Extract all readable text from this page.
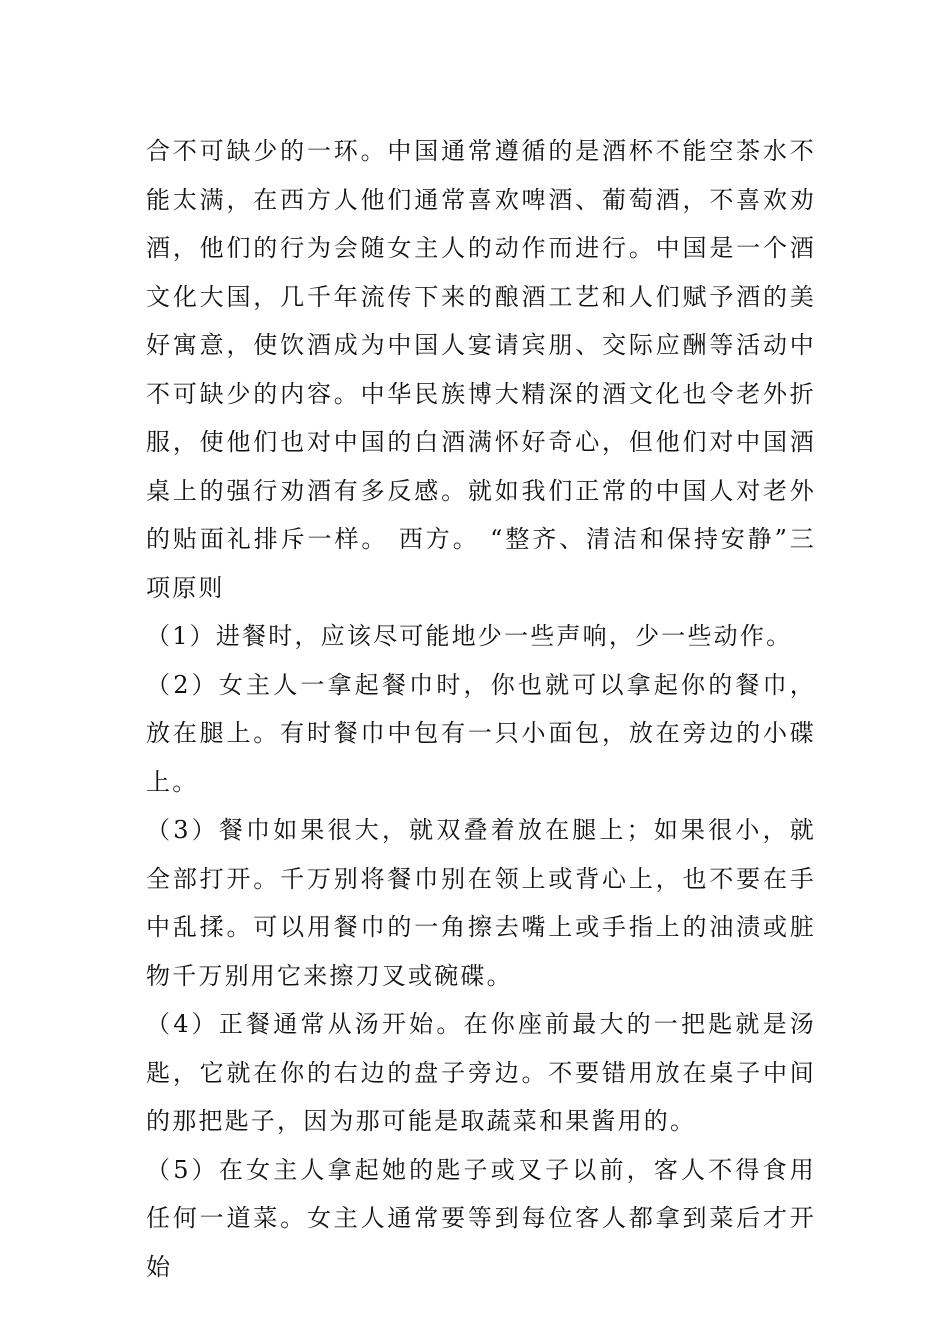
合不可缺少的一环。中国通常遵循的是酒杯不能空茶水不能太满，在西方人他们通常喜欢啤酒、葡萄酒，不喜欢劝酒，他们的行为会随女主人的动作而进行。中国是一个酒文化大国，几千年流传下来的酿酒工艺和人们赋予酒的美好寓意，使饮酒成为中国人宴请宾朋、交际应酬等活动中不可缺少的内容。中华民族博大精深的酒文化也令老外折服，使他们也对中国的白酒满怀好奇心，但他们对中国酒桌上的强行劝酒有多反感。就如我们正常的中国人对老外的贴面礼排斥一样。 西方。 “整齐、清洁和保持安静”三项原则

（1）进餐时，应该尽可能地少一些声响，少一些动作。

（2）女主人一拿起餐巾时，你也就可以拿起你的餐巾，放在腿上。有时餐巾中包有一只小面包，放在旁边的小碟上。

（3）餐巾如果很大，就双叠着放在腿上；如果很小，就全部打开。千万别将餐巾别在领上或背心上，也不要在手中乱揉。可以用餐巾的一角擦去嘴上或手指上的油渍或脏物千万别用它来擦刀叉或碗碟。

（4）正餐通常从汤开始。在你座前最大的一把匙就是汤匙，它就在你的右边的盘子旁边。不要错用放在桌子中间的那把匙子，因为那可能是取蔬菜和果酱用的。

（5）在女主人拿起她的匙子或叉子以前，客人不得食用任何一道菜。女主人通常要等到每位客人都拿到菜后才开始
